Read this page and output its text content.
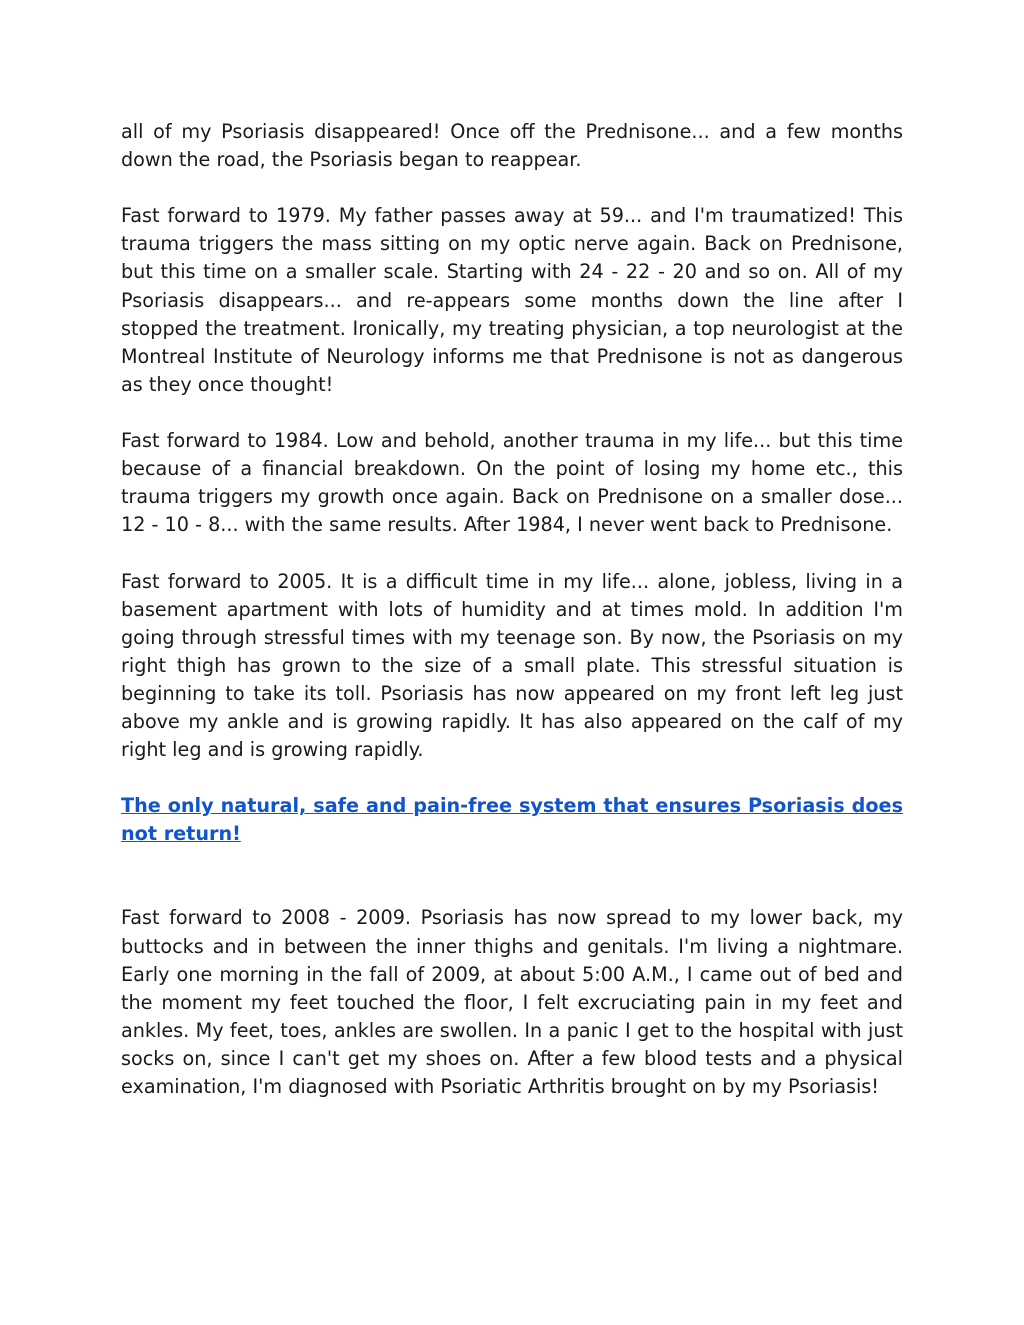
all of my Psoriasis disappeared! Once off the Prednisone... and a few months down the road, the Psoriasis began to reappear.

Fast forward to 1979. My father passes away at 59... and I'm traumatized! This trauma triggers the mass sitting on my optic nerve again. Back on Prednisone, but this time on a smaller scale. Starting with 24 - 22 - 20 and so on. All of my Psoriasis disappears... and re-appears some months down the line after I stopped the treatment. Ironically, my treating physician, a top neurologist at the Montreal Institute of Neurology informs me that Prednisone is not as dangerous as they once thought!

Fast forward to 1984. Low and behold, another trauma in my life... but this time because of a financial breakdown. On the point of losing my home etc., this trauma triggers my growth once again. Back on Prednisone on a smaller dose... 12 - 10 - 8... with the same results. After 1984, I never went back to Prednisone.

Fast forward to 2005. It is a difficult time in my life... alone, jobless, living in a basement apartment with lots of humidity and at times mold. In addition I'm going through stressful times with my teenage son. By now, the Psoriasis on my right thigh has grown to the size of a small plate. This stressful situation is beginning to take its toll. Psoriasis has now appeared on my front left leg just above my ankle and is growing rapidly. It has also appeared on the calf of my right leg and is growing rapidly.

The only natural, safe and pain-free system that ensures Psoriasis does not return!

Fast forward to 2008 - 2009. Psoriasis has now spread to my lower back, my buttocks and in between the inner thighs and genitals. I'm living a nightmare. Early one morning in the fall of 2009, at about 5:00 A.M., I came out of bed and the moment my feet touched the floor, I felt excruciating pain in my feet and ankles. My feet, toes, ankles are swollen. In a panic I get to the hospital with just socks on, since I can't get my shoes on. After a few blood tests and a physical examination, I'm diagnosed with Psoriatic Arthritis brought on by my Psoriasis!
